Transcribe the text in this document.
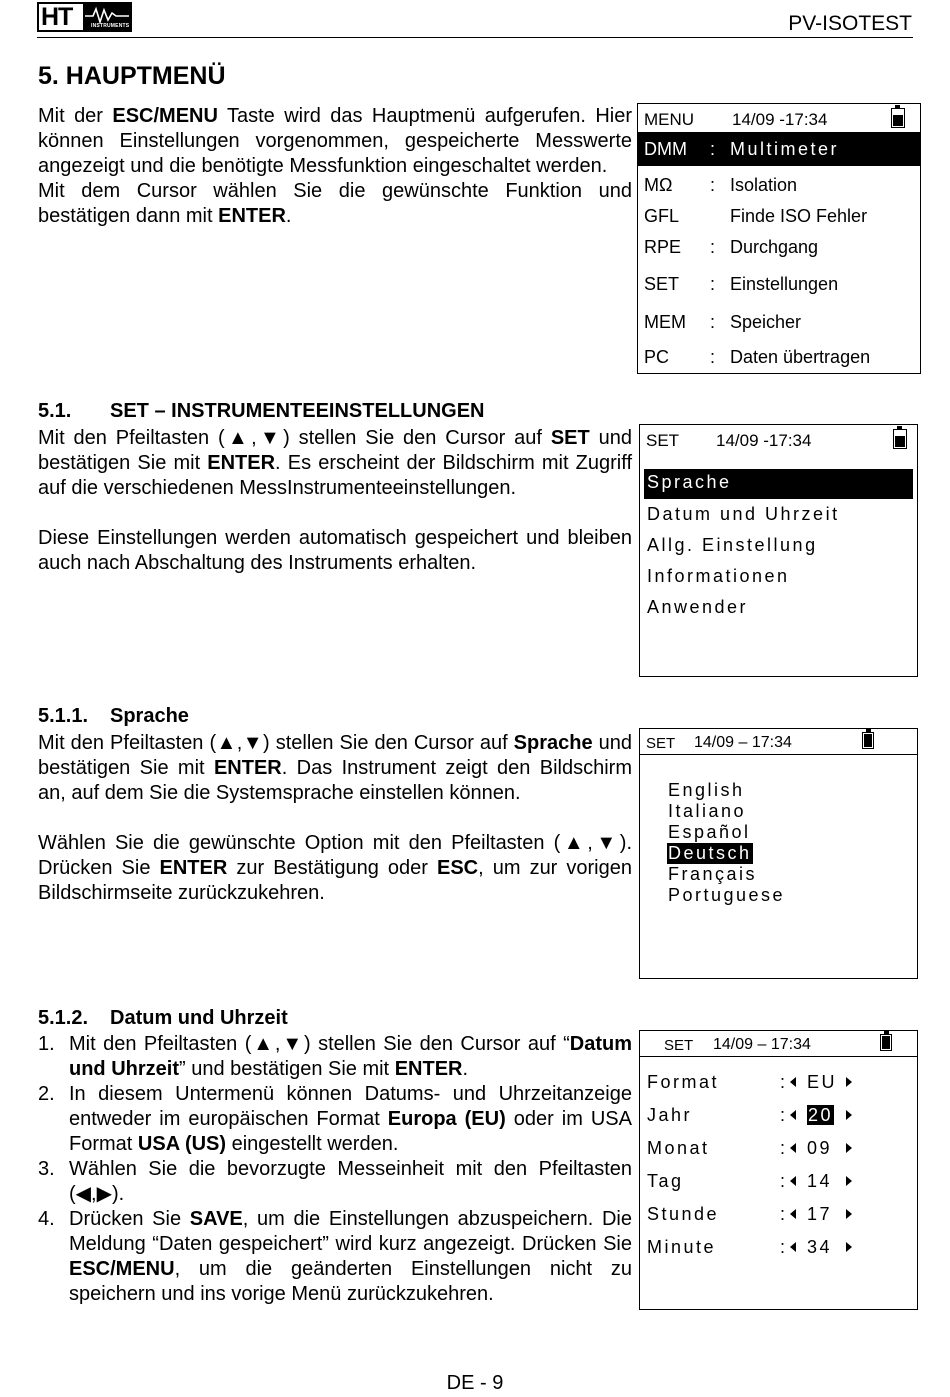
HT	INSTRUMENTS	PV-ISOTEST
5. HAUPTMENÜ

Mit der ESC/MENU Taste wird das Hauptmenü aufgerufen. Hier können Einstellungen vorgenommen, gespeicherte Messwerte angezeigt und die benötigte Messfunktion eingeschaltet werden.

Mit dem Cursor wählen Sie die gewünschte Funktion und bestätigen dann mit ENTER.

MENU 14/09 -17:34
DMM : Multimeter
MΩ : Isolation
GFL	Finde ISO Fehler
RPE : Durchgang
SET : Einstellungen
MEM : Speicher
PC : Daten übertragen
5.1. SET – INSTRUMENTEEINSTELLUNGEN

Mit den Pfeiltasten (▲,▼) stellen Sie den Cursor auf SET und bestätigen Sie mit ENTER. Es erscheint der Bildschirm mit Zugriff auf die verschiedenen MessInstrumenteeinstellungen.

Diese Einstellungen werden automatisch gespeichert und bleiben auch nach Abschaltung des Instruments erhalten.

SET 14/09 -17:34
Sprache
Datum und Uhrzeit
Allg. Einstellung
Informationen
Anwender
5.1.1. Sprache

Mit den Pfeiltasten (▲,▼) stellen Sie den Cursor auf Sprache und bestätigen Sie mit ENTER. Das Instrument zeigt den Bildschirm an, auf dem Sie die Systemsprache einstellen können.

Wählen Sie die gewünschte Option mit den Pfeiltasten (▲,▼). Drücken Sie ENTER zur Bestätigung oder ESC, um zur vorigen Bildschirmseite zurückzukehren.

SET 14/09 – 17:34
English
Italiano
Español
Deutsch
Français
Portuguese
5.1.2. Datum und Uhrzeit
1. Mit den Pfeiltasten (▲,▼) stellen Sie den Cursor auf “Datum und Uhrzeit” und bestätigen Sie mit ENTER.
2. In diesem Untermenü können Datums- und Uhrzeitanzeige entweder im europäischen Format Europa (EU) oder im USA Format USA (US) eingestellt werden.
3. Wählen Sie die bevorzugte Messeinheit mit den Pfeiltasten (◀,▶).
4. Drücken Sie SAVE, um die Einstellungen abzuspeichern. Die Meldung “Daten gespeichert” wird kurz angezeigt. Drücken Sie ESC/MENU, um die geänderten Einstellungen nicht zu speichern und ins vorige Menü zurückzukehren.
SET 14/09 – 17:34
Format	: EU
Jahr	: 20
Monat	: 09
Tag	: 14
Stunde	: 17
Minute	: 34
DE - 9
